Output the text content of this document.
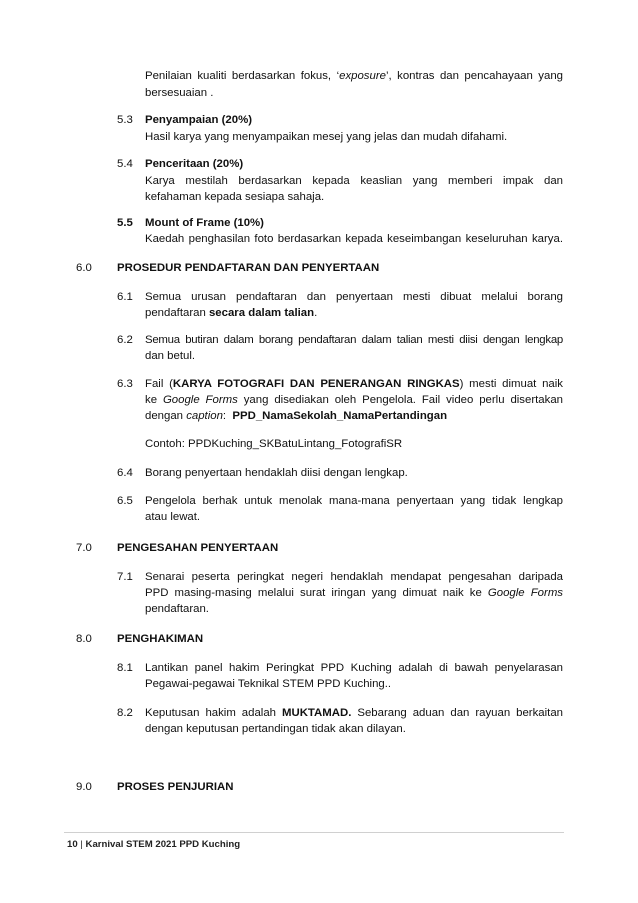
Penilaian kualiti berdasarkan fokus, ‘exposure’, kontras dan pencahayaan yang
bersesuaian .
5.3 Penyampaian (20%)
Hasil karya yang menyampaikan mesej yang jelas dan mudah difahami.
5.4 Penceritaan (20%)
Karya mestilah berdasarkan kepada keaslian yang memberi impak dan
kefahaman kepada sesiapa sahaja.
5.5 Mount of Frame (10%)
Kaedah penghasilan foto berdasarkan kepada keseimbangan keseluruhan karya.
6.0 PROSEDUR PENDAFTARAN DAN PENYERTAAN
6.1 Semua urusan pendaftaran dan penyertaan mesti dibuat melalui borang
pendaftaran secara dalam talian.
6.2 Semua butiran dalam borang pendaftaran dalam talian mesti diisi dengan lengkap
dan betul.
6.3 Fail (KARYA FOTOGRAFI DAN PENERANGAN RINGKAS) mesti dimuat naik
ke Google Forms yang disediakan oleh Pengelola. Fail video perlu disertakan
dengan caption:  PPD_NamaSekolah_NamaPertandingan
Contoh: PPDKuching_SKBatuLintang_FotografiSR
6.4 Borang penyertaan hendaklah diisi dengan lengkap.
6.5 Pengelola berhak untuk menolak mana-mana penyertaan yang tidak lengkap
atau lewat.
7.0 PENGESAHAN PENYERTAAN
7.1 Senarai peserta peringkat negeri hendaklah mendapat pengesahan daripada
PPD masing-masing melalui surat iringan yang dimuat naik ke Google Forms
pendaftaran.
8.0 PENGHAKIMAN
8.1 Lantikan panel hakim Peringkat PPD Kuching adalah di bawah penyelarasan
Pegawai-pegawai Teknikal STEM PPD Kuching..
8.2 Keputusan hakim adalah MUKTAMAD. Sebarang aduan dan rayuan berkaitan
dengan keputusan pertandingan tidak akan dilayan.
9.0 PROSES PENJURIAN
10 | Karnival STEM 2021 PPD Kuching
